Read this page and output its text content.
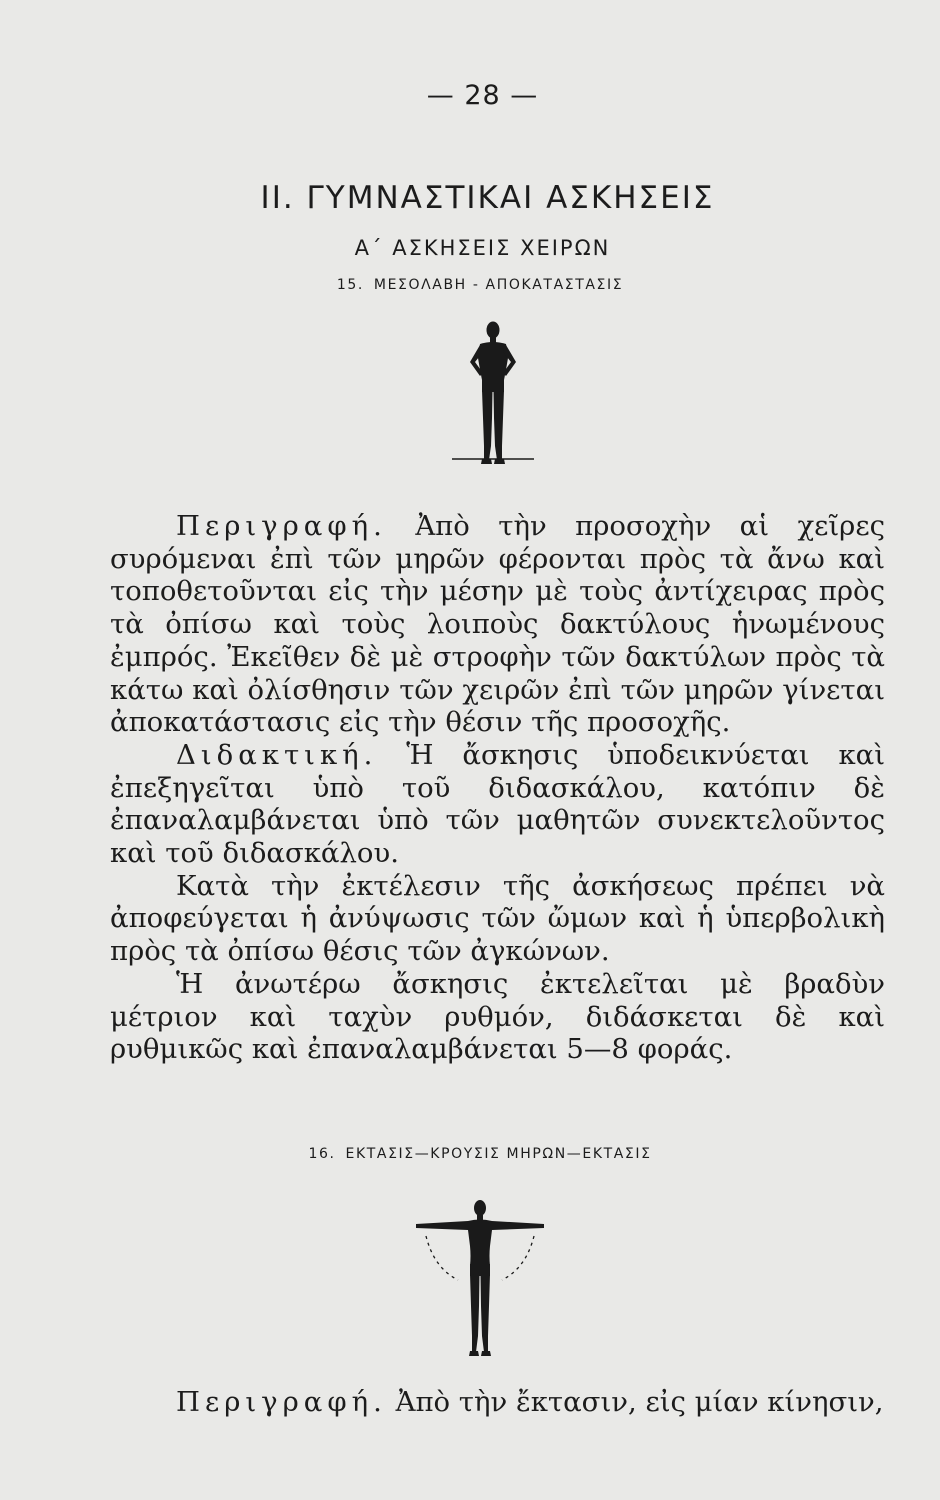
— 28 —
II. ΓΥΜΝΑΣΤΙΚΑΙ ΑΣΚΗΣΕΙΣ
Α΄ ΑΣΚΗΣΕΙΣ ΧΕΙΡΩΝ
15. ΜΕΣΟΛΑΒΗ - ΑΠΟΚΑΤΑΣΤΑΣΙΣ

Περιγραφή. Ἀπὸ τὴν προσοχὴν αἱ χεῖρες συρόμεναι ἐπὶ τῶν μηρῶν φέρονται πρὸς τὰ ἄνω καὶ τοποθετοῦνται εἰς τὴν μέσην μὲ τοὺς ἀντίχειρας πρὸς τὰ ὀπίσω καὶ τοὺς λοιποὺς δακτύλους ἡνωμένους ἐμπρός. Ἐκεῖθεν δὲ μὲ στροφὴν τῶν δακτύλων πρὸς τὰ κάτω καὶ ὀλίσθησιν τῶν χειρῶν ἐπὶ τῶν μηρῶν γίνεται ἀποκατάστασις εἰς τὴν θέσιν τῆς προσοχῆς.

Διδακτική. Ἡ ἄσκησις ὑποδεικνύεται καὶ ἐπεξηγεῖται ὑπὸ τοῦ διδασκάλου, κατόπιν δὲ ἐπαναλαμβάνεται ὑπὸ τῶν μαθητῶν συνεκτελοῦντος καὶ τοῦ διδασκάλου.

Κατὰ τὴν ἐκτέλεσιν τῆς ἀσκήσεως πρέπει νὰ ἀποφεύγεται ἡ ἀνύψωσις τῶν ὤμων καὶ ἡ ὑπερβολικὴ πρὸς τὰ ὀπίσω θέσις τῶν ἀγκώνων.

Ἡ ἀνωτέρω ἄσκησις ἐκτελεῖται μὲ βραδὺν μέτριον καὶ ταχὺν ρυθμόν, διδάσκεται δὲ καὶ ρυθμικῶς καὶ ἐπαναλαμβάνεται 5—8 φοράς.

16. ΕΚΤΑΣΙΣ—ΚΡΟΥΣΙΣ ΜΗΡΩΝ—ΕΚΤΑΣΙΣ

Περιγραφή. Ἀπὸ τὴν ἔκτασιν, εἰς μίαν κίνησιν,
